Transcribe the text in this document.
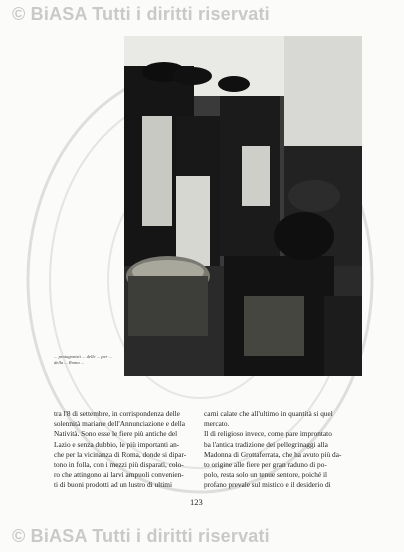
© BiASA Tutti i diritti riservati
... protagonisti ... delle ... per ... della ... Roma ...
tra l'8 di settembre, in corrispondenza delle
solennità mariane dell'Annunciazione e della
Natività. Sono esse le fiere più antiche del
Lazio e senza dubbio, le più importanti an-
che per la vicinanza di Roma, donde si dipar-
tono in folla, con i mezzi più disparati, colo-
ro che attingono ai larvi ampuoli convenien-
ti di buoni prodotti ad un lustro di ultimi
carni calate che all'ultimo in quantità si quel
mercato.
Il di religioso invece, come pare improntato
ba l'antica tradizione dei pellegrinaggi alla
Madonna di Grottaferrata, che ha avuto più da-
to origine alle fiere per gran raduno di po-
polo, resta solo un tenue sentore, poiché il
profano prevale sul mistico e il desiderio di
123
© BiASA Tutti i diritti riservati
